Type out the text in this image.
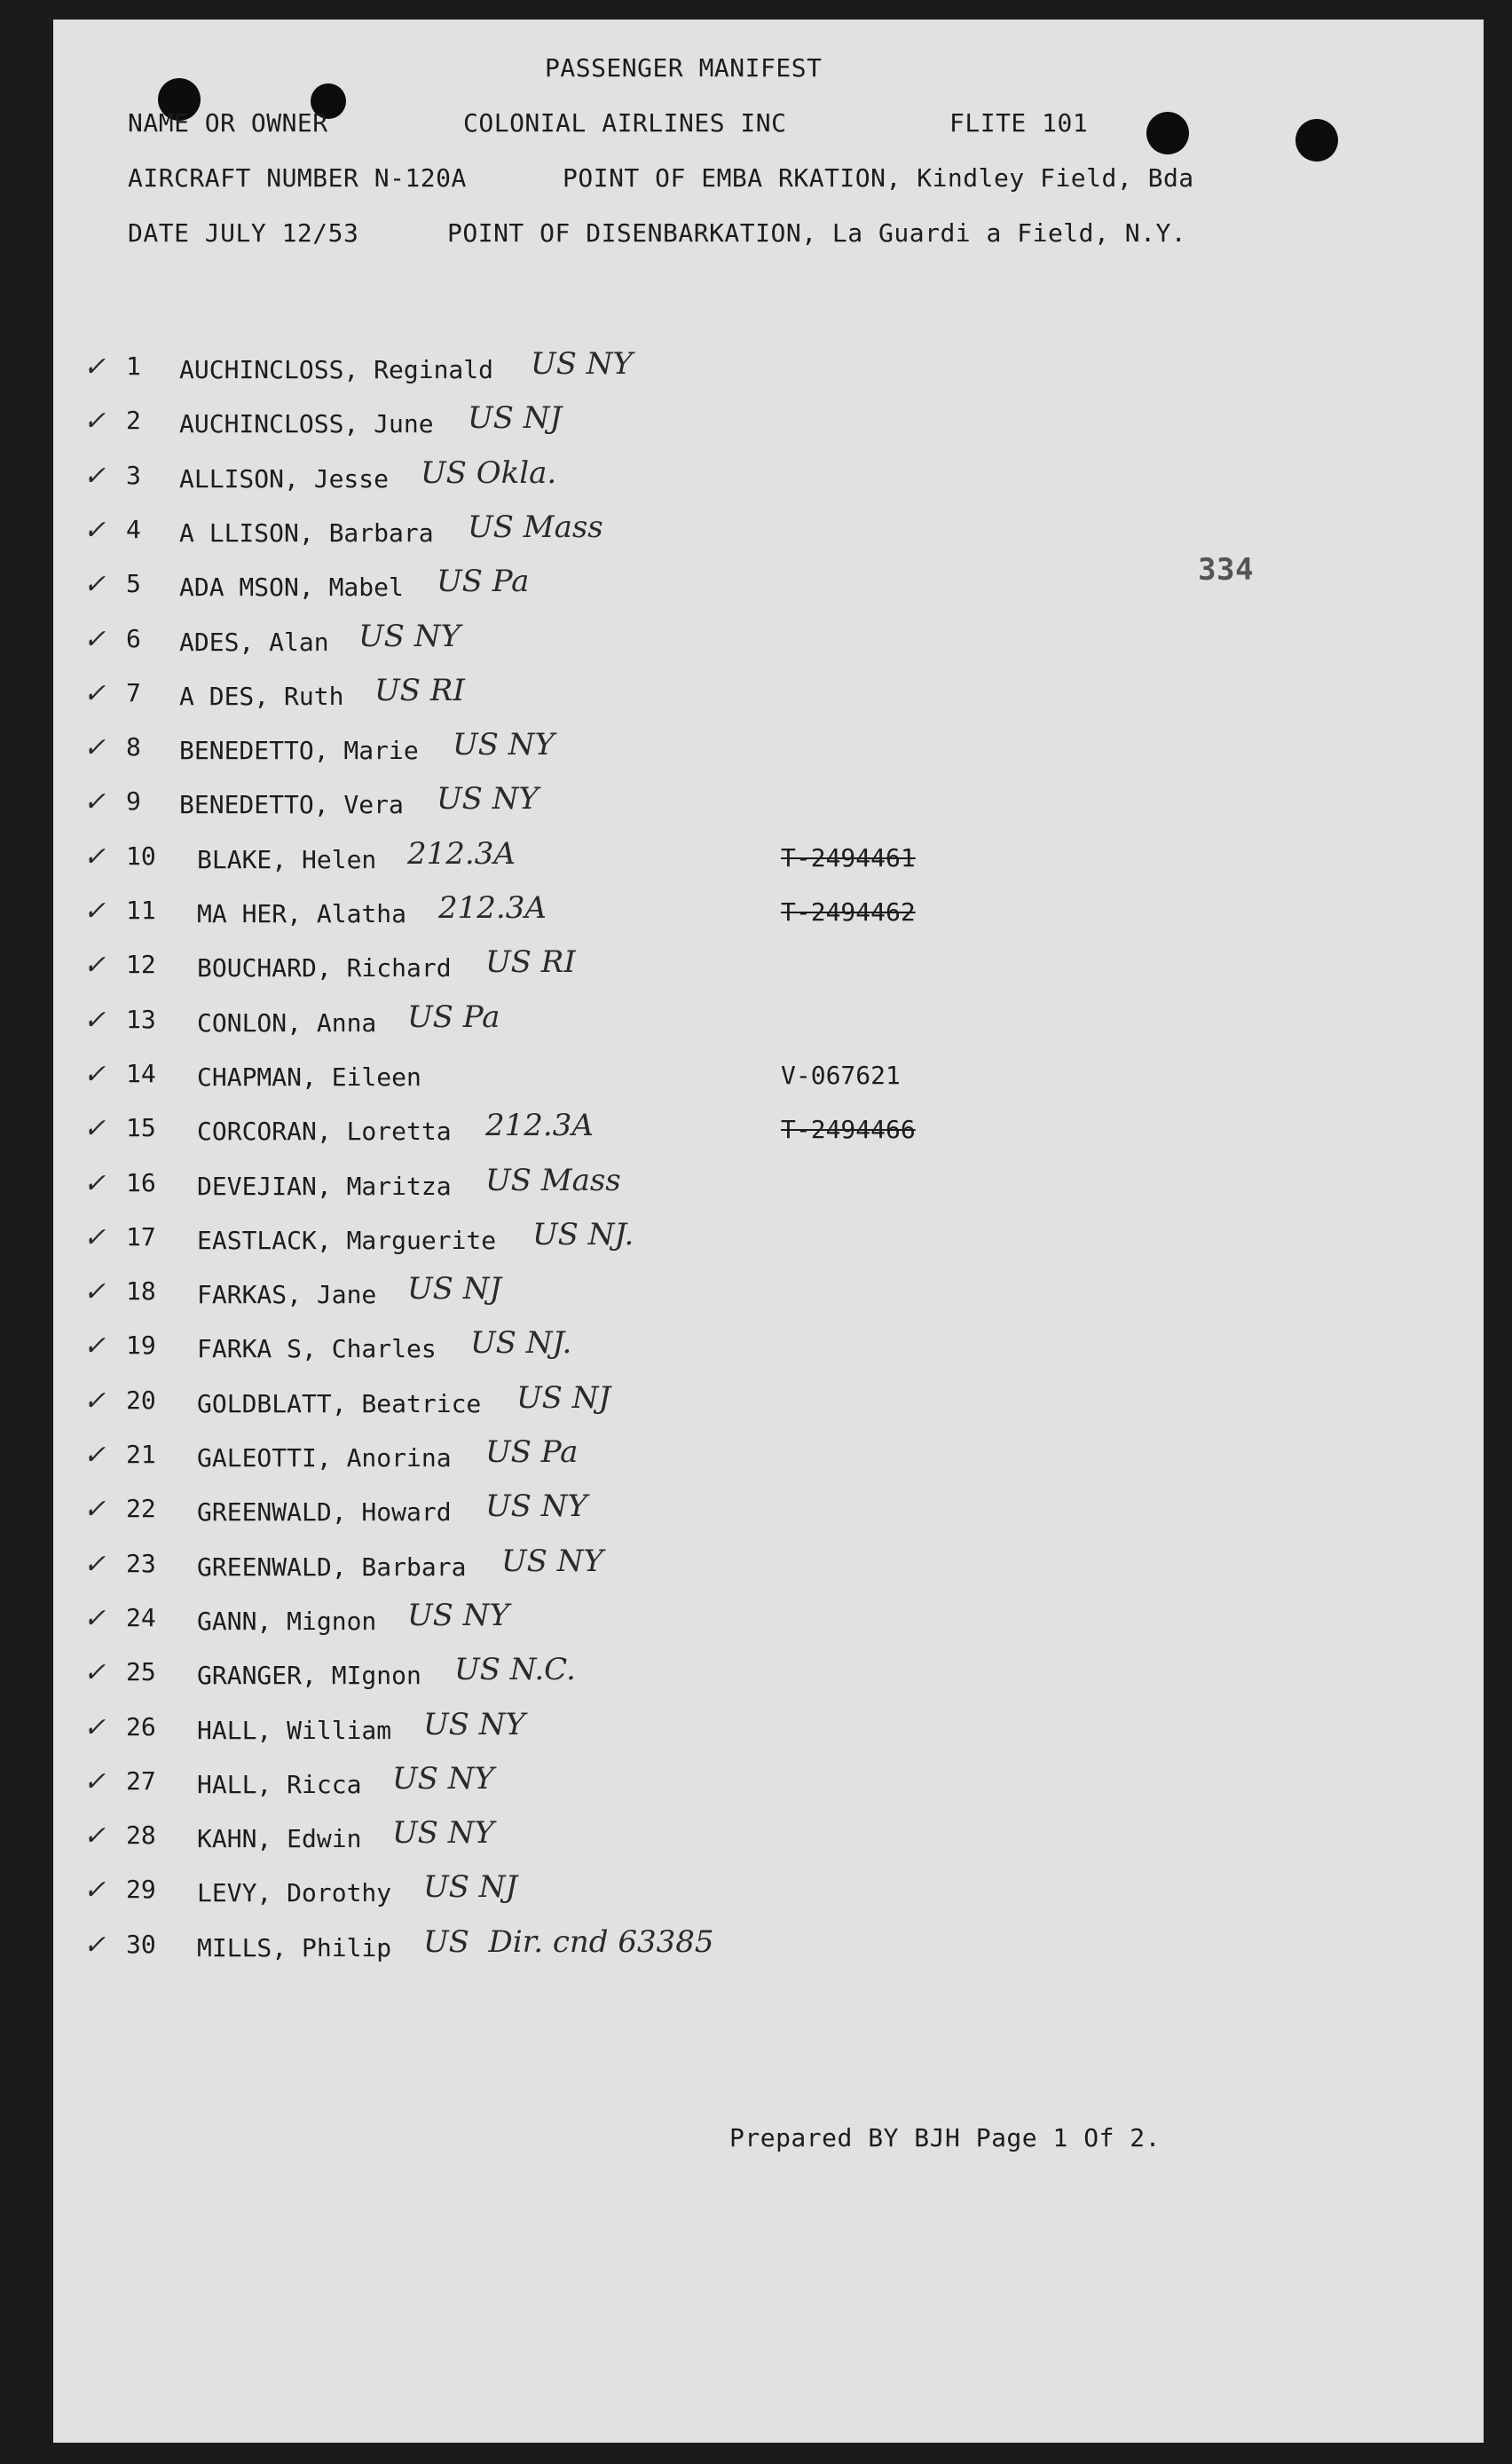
PASSENGER MANIFEST
NAME OR OWNER	COLONIAL AIRLINES INC	FLITE 101
AIRCRAFT NUMBER N-120A	POINT OF EMBA RKATION, Kindley Field, Bda
DATE JULY 12/53	POINT OF DISENBARKATION, La Guardi a Field, N.Y.
334
✓ 1 AUCHINCLOSS, Reginald US NY
✓ 2 AUCHINCLOSS, June US NJ
✓ 3 ALLISON, Jesse US Okla.
✓ 4 A LLISON, Barbara US Mass
✓ 5 ADA MSON, Mabel US Pa
✓ 6 ADES, Alan US NY
✓ 7 A DES, Ruth US RI
✓ 8 BENEDETTO, Marie US NY
✓ 9 BENEDETTO, Vera US NY
✓ 10 BLAKE, Helen 212.3A	T-2494461
✓ 11 MA HER, Alatha 212.3A	T-2494462
✓ 12 BOUCHARD, Richard US RI
✓ 13 CONLON, Anna US Pa
✓ 14 CHAPMAN, Eileen	V-067621
✓ 15 CORCORAN, Loretta 212.3A	T-2494466
✓ 16 DEVEJIAN, Maritza US Mass
✓ 17 EASTLACK, Marguerite US NJ.
✓ 18 FARKAS, Jane US NJ
✓ 19 FARKA S, Charles US NJ.
✓ 20 GOLDBLATT, Beatrice US NJ
✓ 21 GALEOTTI, Anorina US Pa
✓ 22 GREENWALD, Howard US NY
✓ 23 GREENWALD, Barbara US NY
✓ 24 GANN, Mignon US NY
✓ 25 GRANGER, MIgnon US N.C.
✓ 26 HALL, William US NY
✓ 27 HALL, Ricca US NY
✓ 28 KAHN, Edwin US NY
✓ 29 LEVY, Dorothy US NJ
✓ 30 MILLS, Philip US  Dir. cnd 63385
Prepared BY BJH Page 1 Of 2.
